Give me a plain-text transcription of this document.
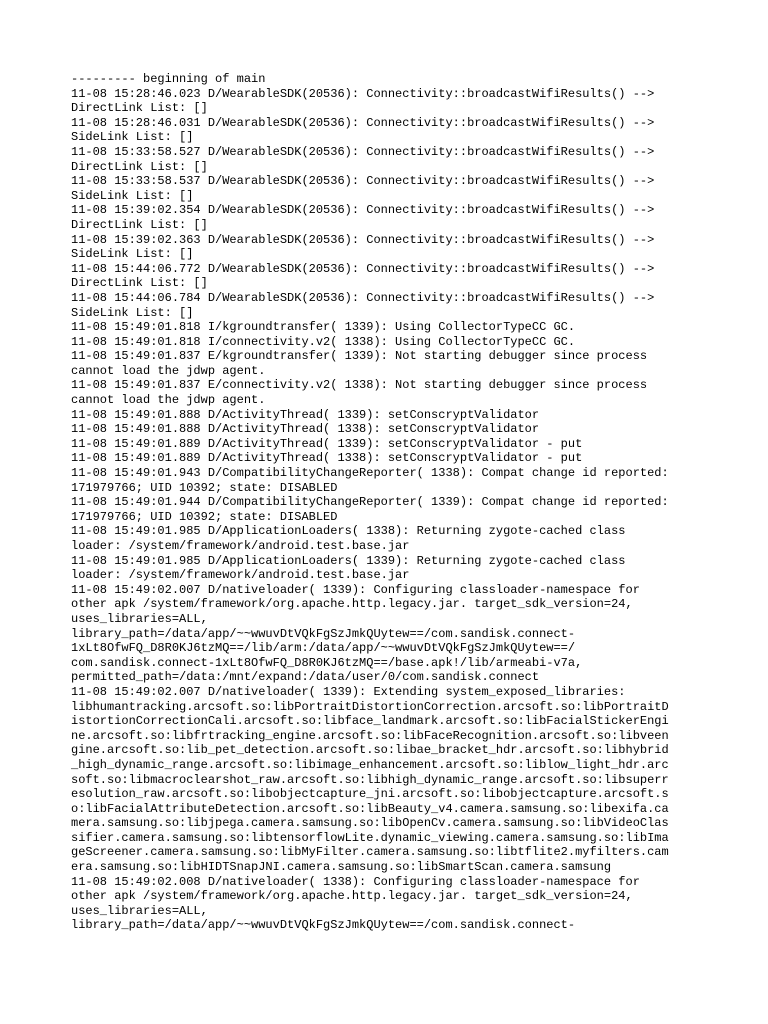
--------- beginning of main
11-08 15:28:46.023 D/WearableSDK(20536): Connectivity::broadcastWifiResults() -->
DirectLink List: []
11-08 15:28:46.031 D/WearableSDK(20536): Connectivity::broadcastWifiResults() -->
SideLink List: []
11-08 15:33:58.527 D/WearableSDK(20536): Connectivity::broadcastWifiResults() -->
DirectLink List: []
11-08 15:33:58.537 D/WearableSDK(20536): Connectivity::broadcastWifiResults() -->
SideLink List: []
11-08 15:39:02.354 D/WearableSDK(20536): Connectivity::broadcastWifiResults() -->
DirectLink List: []
11-08 15:39:02.363 D/WearableSDK(20536): Connectivity::broadcastWifiResults() -->
SideLink List: []
11-08 15:44:06.772 D/WearableSDK(20536): Connectivity::broadcastWifiResults() -->
DirectLink List: []
11-08 15:44:06.784 D/WearableSDK(20536): Connectivity::broadcastWifiResults() -->
SideLink List: []
11-08 15:49:01.818 I/kgroundtransfer( 1339): Using CollectorTypeCC GC.
11-08 15:49:01.818 I/connectivity.v2( 1338): Using CollectorTypeCC GC.
11-08 15:49:01.837 E/kgroundtransfer( 1339): Not starting debugger since process
cannot load the jdwp agent.
11-08 15:49:01.837 E/connectivity.v2( 1338): Not starting debugger since process
cannot load the jdwp agent.
11-08 15:49:01.888 D/ActivityThread( 1339): setConscryptValidator
11-08 15:49:01.888 D/ActivityThread( 1338): setConscryptValidator
11-08 15:49:01.889 D/ActivityThread( 1339): setConscryptValidator - put
11-08 15:49:01.889 D/ActivityThread( 1338): setConscryptValidator - put
11-08 15:49:01.943 D/CompatibilityChangeReporter( 1338): Compat change id reported:
171979766; UID 10392; state: DISABLED
11-08 15:49:01.944 D/CompatibilityChangeReporter( 1339): Compat change id reported:
171979766; UID 10392; state: DISABLED
11-08 15:49:01.985 D/ApplicationLoaders( 1338): Returning zygote-cached class
loader: /system/framework/android.test.base.jar
11-08 15:49:01.985 D/ApplicationLoaders( 1339): Returning zygote-cached class
loader: /system/framework/android.test.base.jar
11-08 15:49:02.007 D/nativeloader( 1339): Configuring classloader-namespace for
other apk /system/framework/org.apache.http.legacy.jar. target_sdk_version=24,
uses_libraries=ALL,
library_path=/data/app/~~wwuvDtVQkFgSzJmkQUytew==/com.sandisk.connect-
1xLt8OfwFQ_D8R0KJ6tzMQ==/lib/arm:/data/app/~~wwuvDtVQkFgSzJmkQUytew==/
com.sandisk.connect-1xLt8OfwFQ_D8R0KJ6tzMQ==/base.apk!/lib/armeabi-v7a,
permitted_path=/data:/mnt/expand:/data/user/0/com.sandisk.connect
11-08 15:49:02.007 D/nativeloader( 1339): Extending system_exposed_libraries:
libhumantracking.arcsoft.so:libPortraitDistortionCorrection.arcsoft.so:libPortraitD
istortionCorrectionCali.arcsoft.so:libface_landmark.arcsoft.so:libFacialStickerEngi
ne.arcsoft.so:libfrtracking_engine.arcsoft.so:libFaceRecognition.arcsoft.so:libveen
gine.arcsoft.so:lib_pet_detection.arcsoft.so:libae_bracket_hdr.arcsoft.so:libhybrid
_high_dynamic_range.arcsoft.so:libimage_enhancement.arcsoft.so:liblow_light_hdr.arc
soft.so:libmacroclearshot_raw.arcsoft.so:libhigh_dynamic_range.arcsoft.so:libsuperr
esolution_raw.arcsoft.so:libobjectcapture_jni.arcsoft.so:libobjectcapture.arcsoft.s
o:libFacialAttributeDetection.arcsoft.so:libBeauty_v4.camera.samsung.so:libexifa.ca
mera.samsung.so:libjpega.camera.samsung.so:libOpenCv.camera.samsung.so:libVideoClas
sifier.camera.samsung.so:libtensorflowLite.dynamic_viewing.camera.samsung.so:libIma
geScreener.camera.samsung.so:libMyFilter.camera.samsung.so:libtflite2.myfilters.cam
era.samsung.so:libHIDTSnapJNI.camera.samsung.so:libSmartScan.camera.samsung
11-08 15:49:02.008 D/nativeloader( 1338): Configuring classloader-namespace for
other apk /system/framework/org.apache.http.legacy.jar. target_sdk_version=24,
uses_libraries=ALL,
library_path=/data/app/~~wwuvDtVQkFgSzJmkQUytew==/com.sandisk.connect-
